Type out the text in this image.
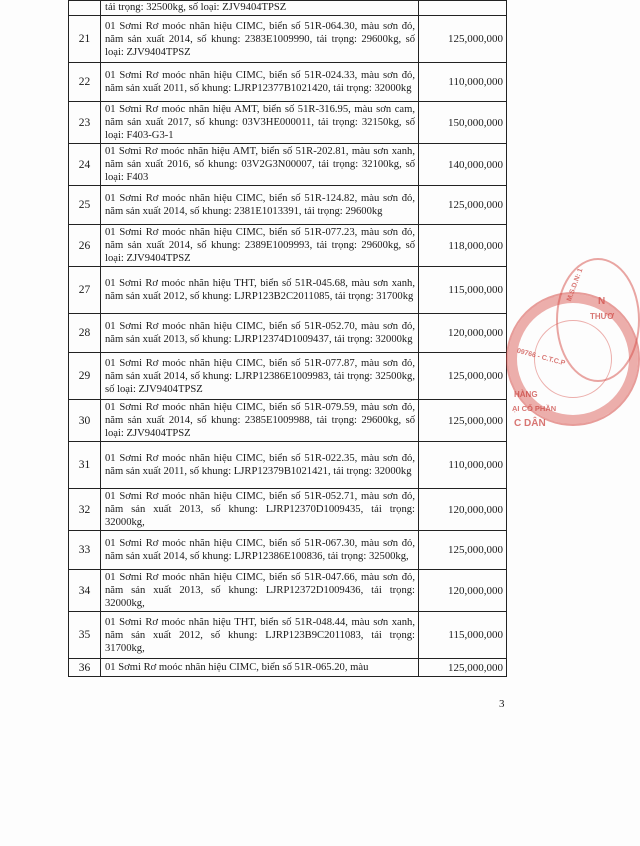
	tải trọng: 32500kg, số loại: ZJV9404TPSZ	
21	01 Sơmi Rơ moóc nhãn hiệu CIMC, biển số 51R-064.30, màu sơn đỏ, năm sản xuất 2014, số khung: 2383E1009990, tải trọng: 29600kg, số loại: ZJV9404TPSZ	125,000,000
22	01 Sơmi Rơ moóc nhãn hiệu CIMC, biển số 51R-024.33, màu sơn đỏ, năm sản xuất 2011, số khung: LJRP12377B1021420, tải trọng: 32000kg	110,000,000
23	01 Sơmi Rơ moóc nhãn hiệu AMT, biển số 51R-316.95, màu sơn cam, năm sản xuất 2017, số khung: 03V3HE000011, tải trọng: 32150kg, số loại: F403-G3-1	150,000,000
24	01 Sơmi Rơ moóc nhãn hiệu AMT, biển số 51R-202.81, màu sơn xanh, năm sản xuất 2016, số khung: 03V2G3N00007, tải trọng: 32100kg, số loại: F403	140,000,000
25	01 Sơmi Rơ moóc nhãn hiệu CIMC, biển số 51R-124.82, màu sơn đỏ, năm sản xuất 2014, số khung: 2381E1013391, tải trọng: 29600kg	125,000,000
26	01 Sơmi Rơ moóc nhãn hiệu CIMC, biển số 51R-077.23, màu sơn đỏ, năm sản xuất 2014, số khung: 2389E1009993, tải trọng: 29600kg, số loại: ZJV9404TPSZ	118,000,000
27	01 Sơmi Rơ moóc nhãn hiệu THT, biển số 51R-045.68, màu sơn xanh, năm sản xuất 2012, số khung: LJRP123B2C2011085, tải trọng: 31700kg	115,000,000
28	01 Sơmi Rơ moóc nhãn hiệu CIMC, biển số 51R-052.70, màu sơn đỏ, năm sản xuất 2013, số khung: LJRP12374D1009437, tải trọng: 32000kg	120,000,000
29	01 Sơmi Rơ moóc nhãn hiệu CIMC, biển số 51R-077.87, màu sơn đỏ, năm sản xuất 2014, số khung: LJRP12386E1009983, tải trọng: 32500kg, số loại: ZJV9404TPSZ	125,000,000
30	01 Sơmi Rơ moóc nhãn hiệu CIMC, biển số 51R-079.59, màu sơn đỏ, năm sản xuất 2014, số khung: 2385E1009988, tải trọng: 29600kg, số loại: ZJV9404TPSZ	125,000,000
31	01 Sơmi Rơ moóc nhãn hiệu CIMC, biển số 51R-022.35, màu sơn đỏ, năm sản xuất 2011, số khung: LJRP12379B1021421, tải trọng: 32000kg	110,000,000
32	01 Sơmi Rơ moóc nhãn hiệu CIMC, biển số 51R-052.71, màu sơn đỏ, năm sản xuất 2013, số khung: LJRP12370D1009435, tải trọng: 32000kg,	120,000,000
33	01 Sơmi Rơ moóc nhãn hiệu CIMC, biển số 51R-067.30, màu sơn đỏ, năm sản xuất 2014, số khung: LJRP12386E100836, tải trọng: 32500kg,	125,000,000
34	01 Sơmi Rơ moóc nhãn hiệu CIMC, biển số 51R-047.66, màu sơn đỏ, năm sản xuất 2013, số khung: LJRP12372D1009436, tải trọng: 32000kg,	120,000,000
35	01 Sơmi Rơ moóc nhãn hiệu THT, biển số 51R-048.44, màu sơn xanh, năm sản xuất 2012, số khung: LJRP123B9C2011083, tải trọng: 31700kg,	115,000,000
36	01 Sơmi Rơ moóc nhãn hiệu CIMC, biển số 51R-065.20, màu	125,000,000
N
THƯƠ
M.S.D.N: 1
09766 - C.T.C.P
HÀNG
ẠI CỔ PHẦN
C DÂN
3
